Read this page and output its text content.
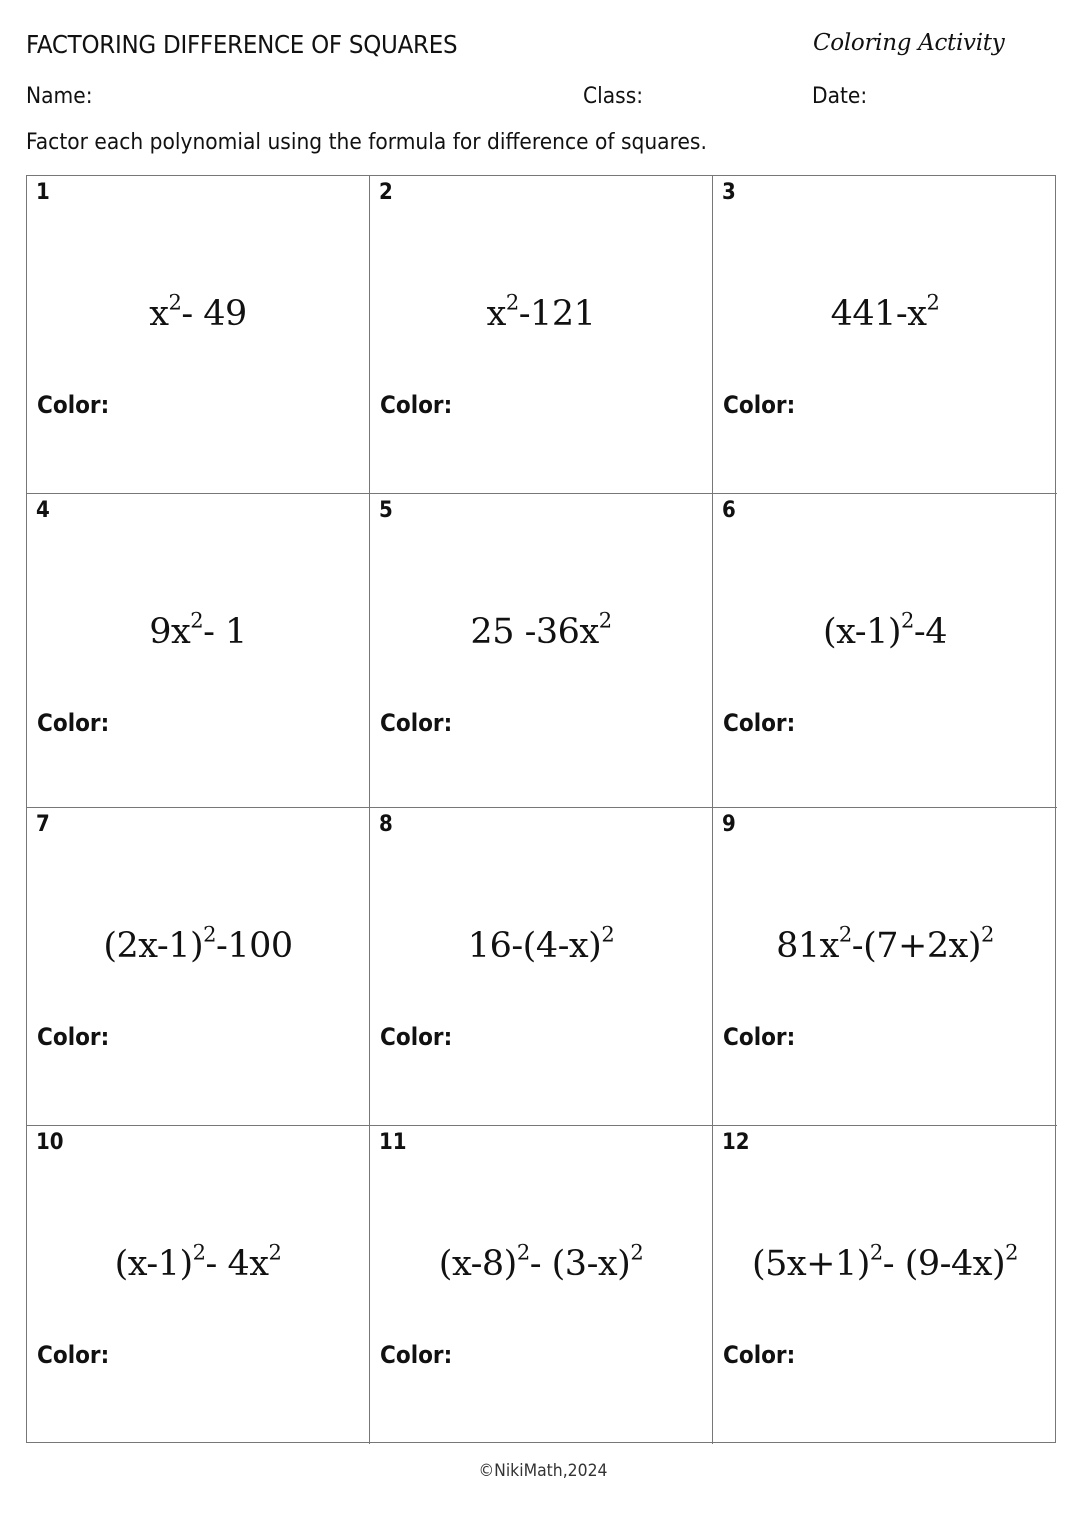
FACTORING DIFFERENCE OF SQUARES	Coloring Activity
Name:	Class:	Date:
Factor each polynomial using the formula for difference of squares.
1
$x^2-$ 49
Color:
2
$x^2-121$
Color:
3
$441-x^2$
Color:
4
$9x^2-$ 1
Color:
5
25 $-36x^2$
Color:
6
$(x-1)^2-4$
Color:
7
$(2x-1)^2-100$
Color:
8
$16-(4-x)^2$
Color:
9
$81x^2-(7+2x)^2$
Color:
10
$(x-1)^2-$ $4x^2$
Color:
11
$(x-8)^2-$ $(3-x)^2$
Color:
12
$(5x+1)^2-$ $(9-4x)^2$
Color:
©NikiMath,2024
